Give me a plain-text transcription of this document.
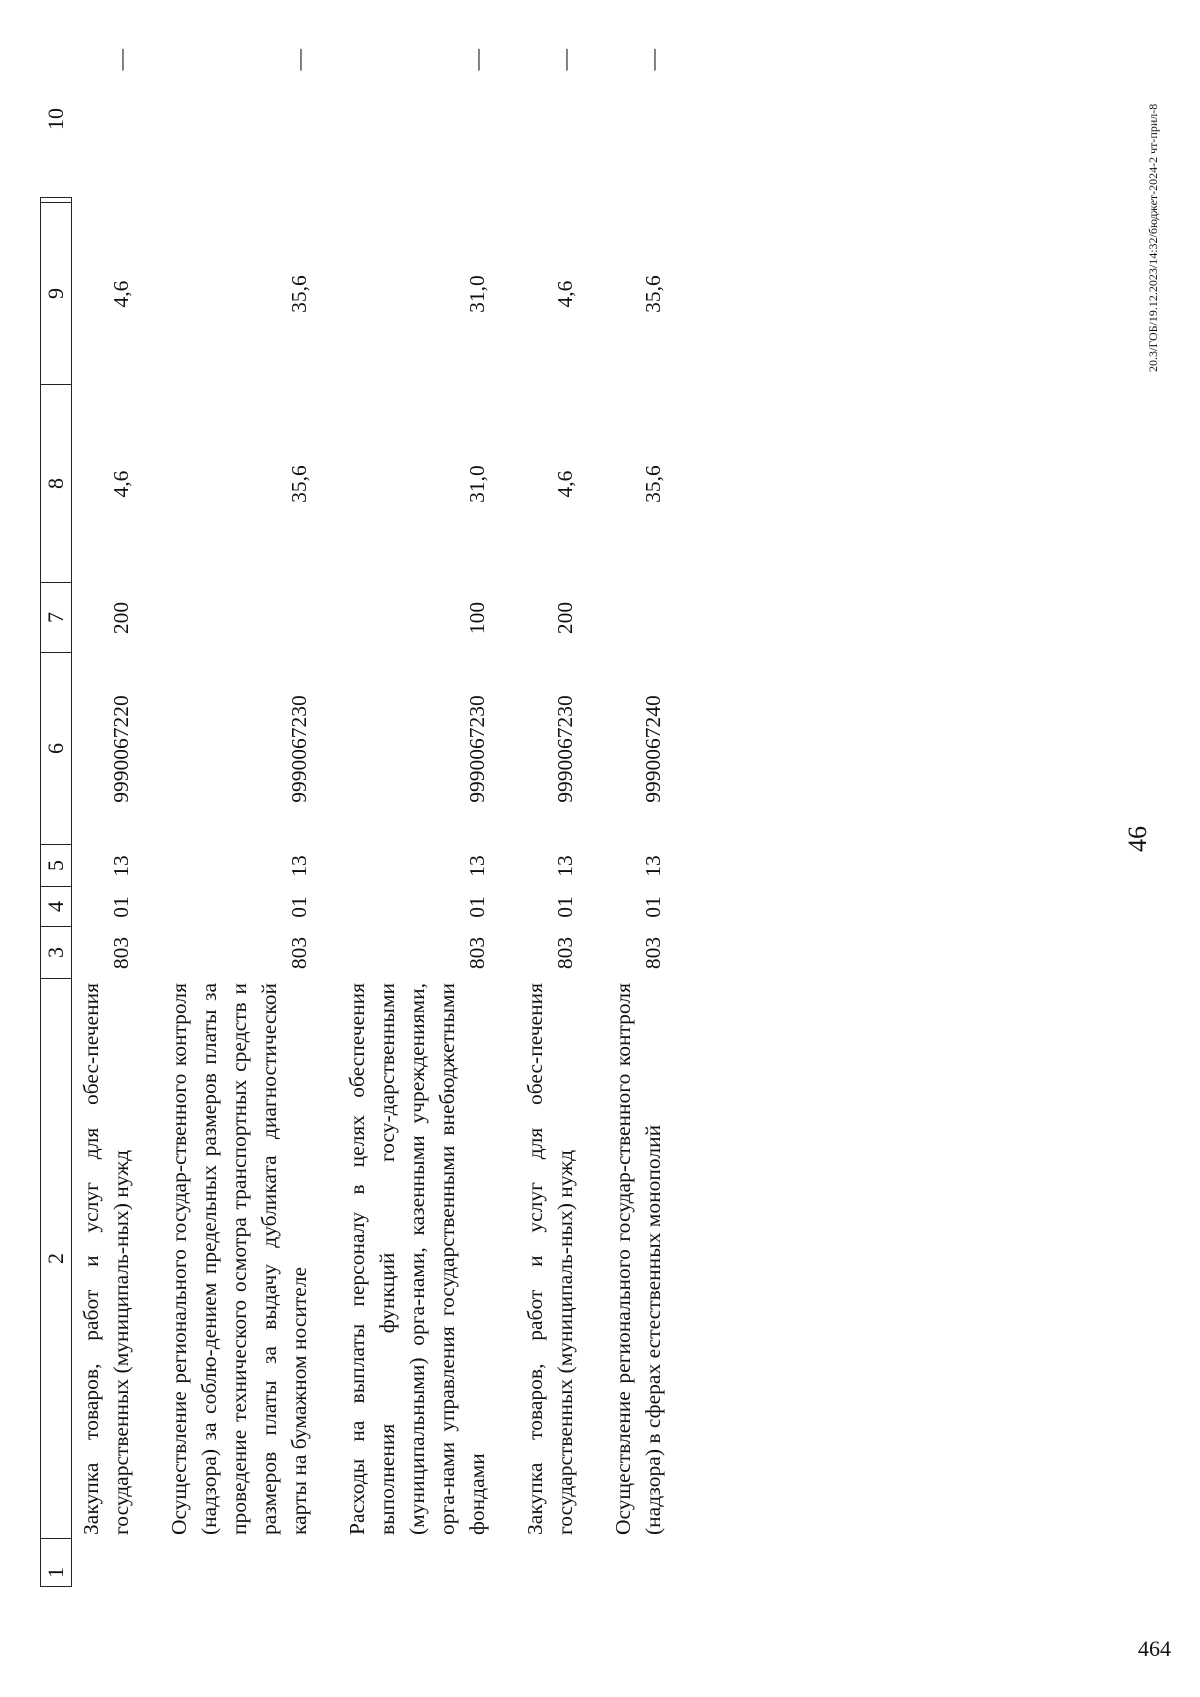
46
1
2
3
4
5
6
7
8
9
10
Закупка товаров, работ и услуг для обес-печения государственных (муниципаль-ных) нужд
803
01
13
9990067220
200
4,6
4,6
—
Осуществление регионального государ-ственного контроля (надзора) за соблю-дением предельных размеров платы за проведение технического осмотра транспортных средств и размеров платы за выдачу дубликата диагностической карты на бумажном носителе
803
01
13
9990067230
35,6
35,6
—
Расходы на выплаты персоналу в целях обеспечения выполнения функций госу-дарственными (муниципальными) орга-нами, казенными учреждениями, орга-нами управления государственными внебюджетными фондами
803
01
13
9990067230
100
31,0
31,0
—
Закупка товаров, работ и услуг для обес-печения государственных (муниципаль-ных) нужд
803
01
13
9990067230
200
4,6
4,6
—
Осуществление регионального государ-ственного контроля (надзора) в сферах естественных монополий
803
01
13
9990067240
35,6
35,6
—
20.3/ГОБ/19.12.2023/14:32/бюджет-2024-2 чт-прил-8
464
